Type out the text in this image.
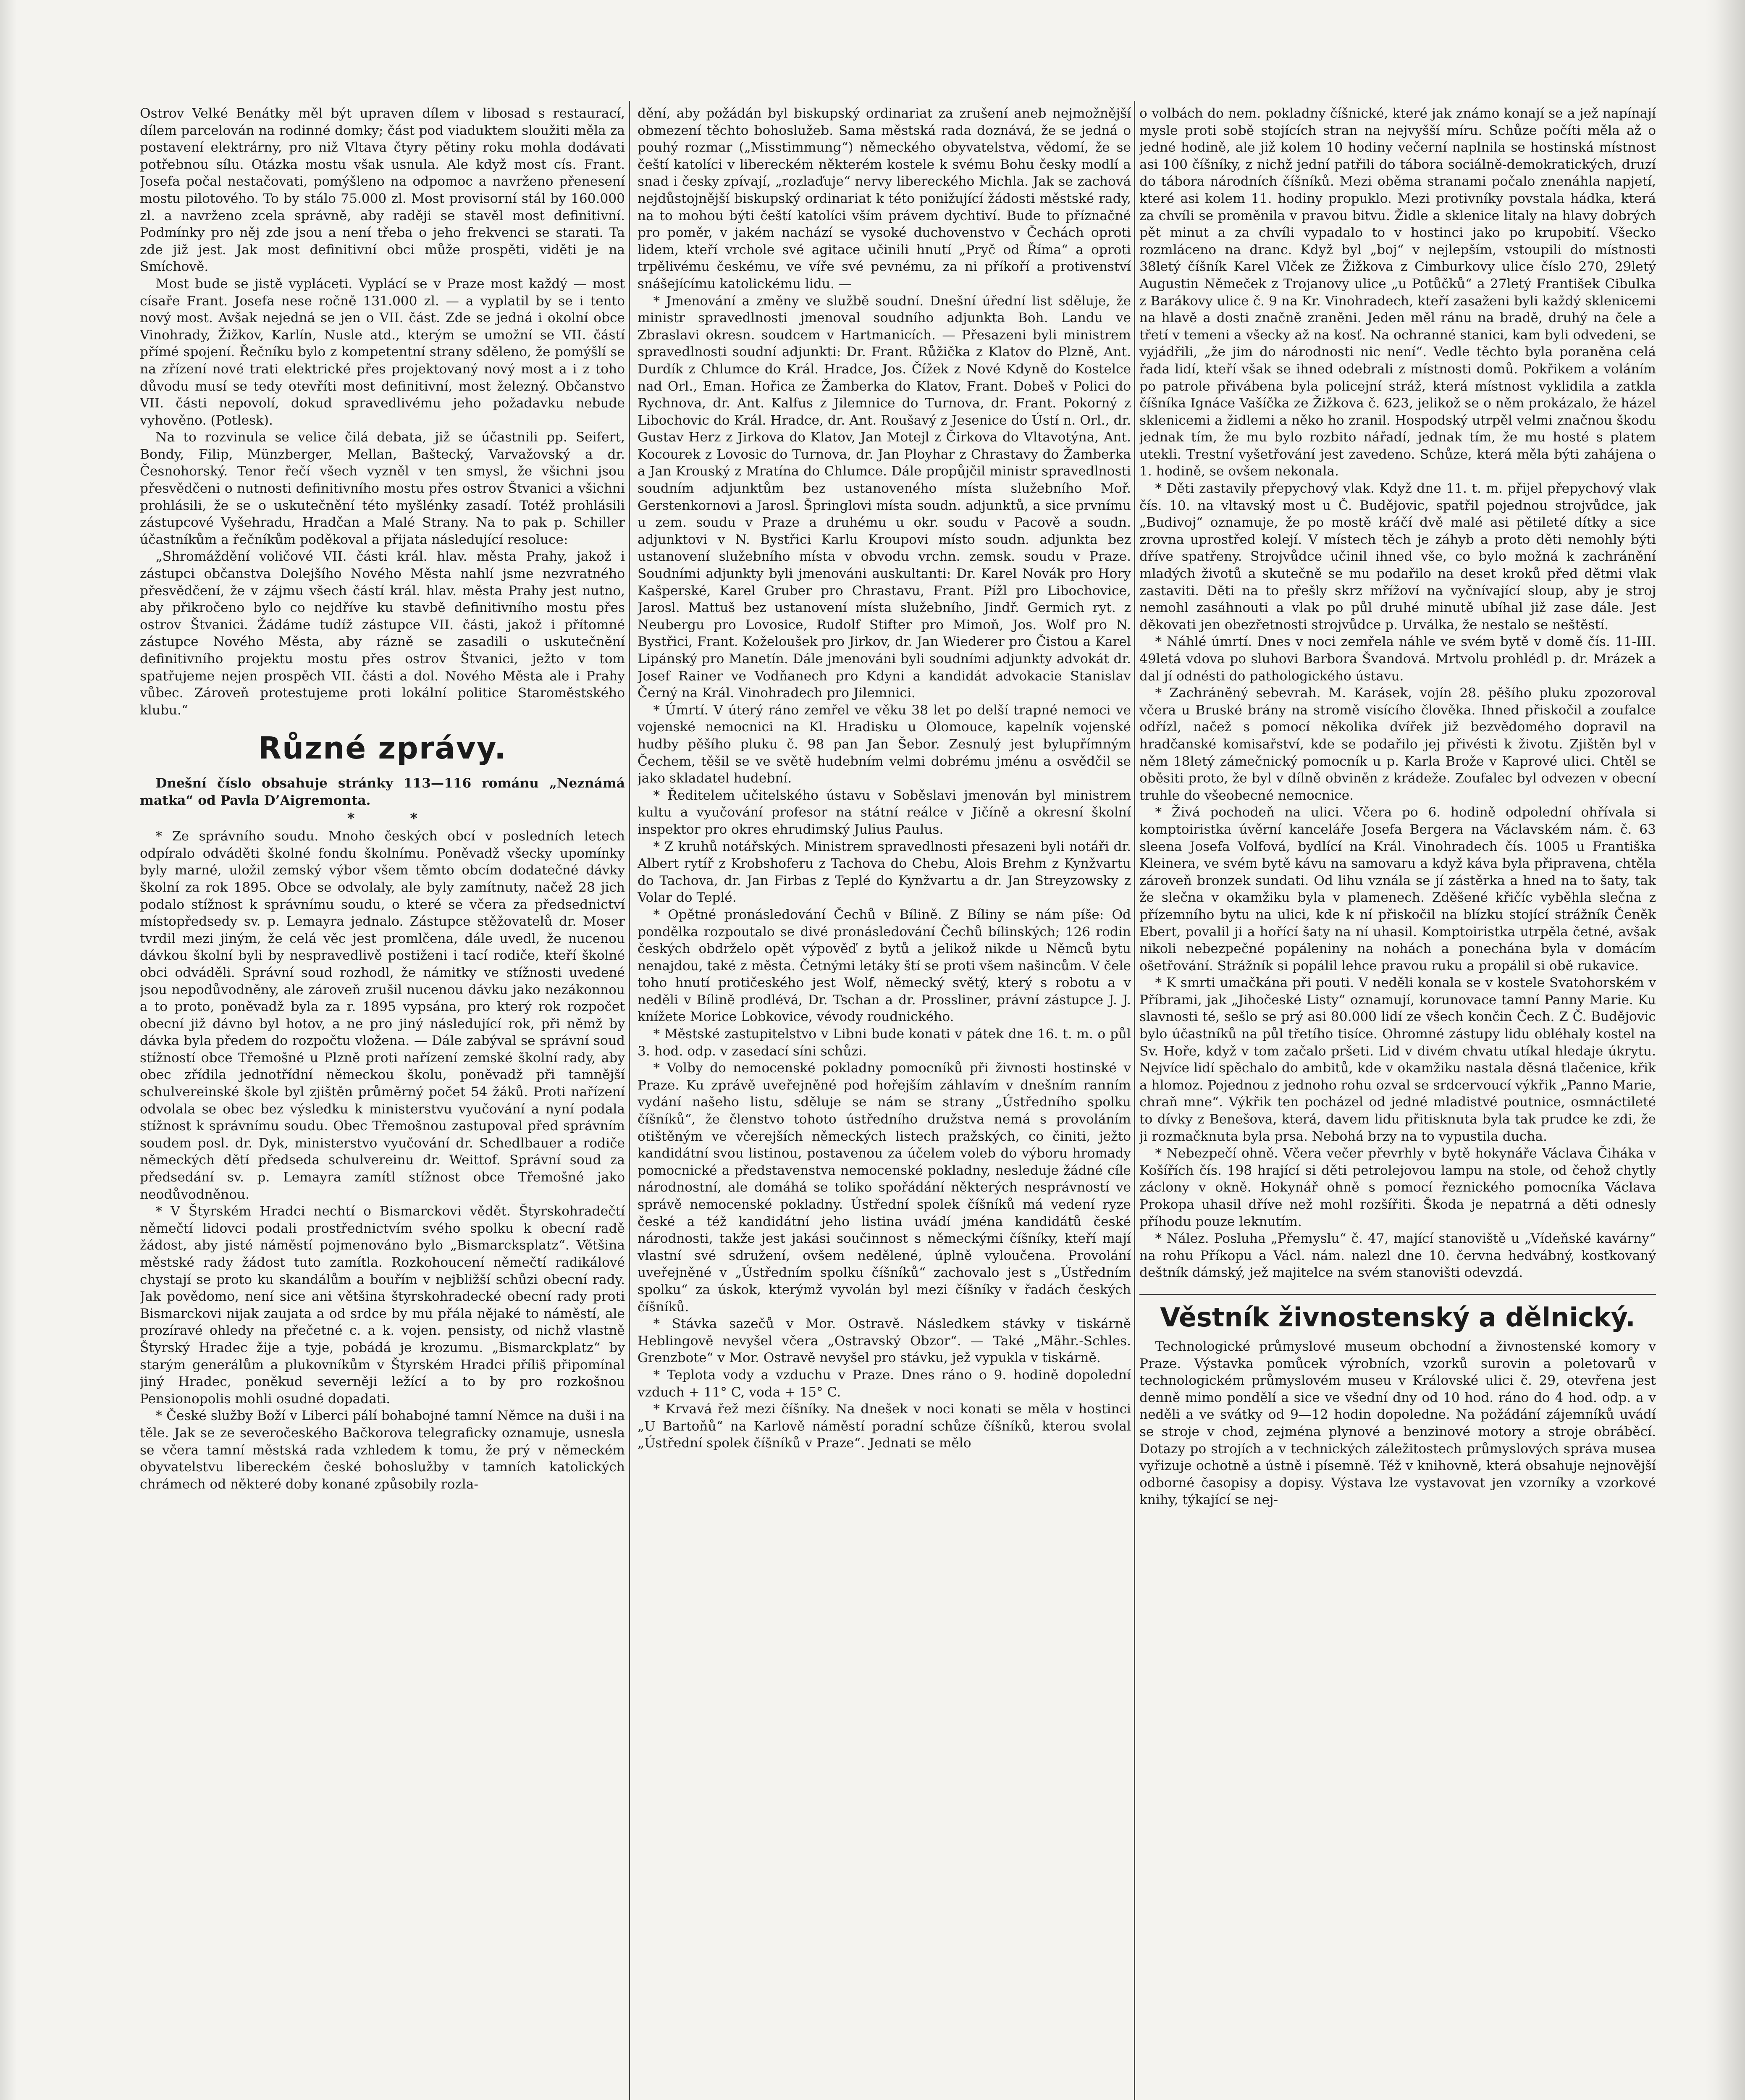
Ostrov Velké Benátky měl být upraven dílem v libosad s restaurací, dílem parcelován na rodinné domky; část pod viaduktem sloužiti měla za postavení elektrárny, pro niž Vltava čtyry pětiny roku mohla dodávati potřebnou sílu. Otázka mostu však usnula. Ale když most cís. Frant. Josefa počal nestačovati, pomýšleno na odpomoc a navrženo přenesení mostu pilotového. To by stálo 75.000 zl. Most provisorní stál by 160.000 zl. a navrženo zcela správně, aby raději se stavěl most definitivní. Podmínky pro něj zde jsou a není třeba o jeho frekvenci se starati. Ta zde již jest. Jak most definitivní obci může prospěti, viděti je na Smíchově.

Most bude se jistě vypláceti. Vyplácí se v Praze most každý — most císaře Frant. Josefa nese ročně 131.000 zl. — a vyplatil by se i tento nový most. Avšak nejedná se jen o VII. část. Zde se jedná i okolní obce Vinohrady, Žižkov, Karlín, Nusle atd., kterým se umožní se VII. částí přímé spojení. Řečníku bylo z kompetentní strany sděleno, že pomýšlí se na zřízení nové trati elektrické přes projektovaný nový most a i z toho důvodu musí se tedy otevříti most definitivní, most železný. Občanstvo VII. části nepovolí, dokud spravedlivému jeho požadavku nebude vyhověno. (Potlesk).

Na to rozvinula se velice čilá debata, již se účastnili pp. Seifert, Bondy, Filip, Münzberger, Mellan, Baštecký, Varvažovský a dr. Česnohorský. Tenor řečí všech vyzněl v ten smysl, že všichni jsou přesvědčeni o nutnosti definitivního mostu přes ostrov Štvanici a všichni prohlásili, že se o uskutečnění této myšlénky zasadí. Totéž prohlásili zástupcové Vyšehradu, Hradčan a Malé Strany. Na to pak p. Schiller účastníkům a řečníkům poděkoval a přijata následující resoluce:

„Shromáždění voličové VII. části král. hlav. města Prahy, jakož i zástupci občanstva Dolejšího Nového Města nahlí jsme nezvratného přesvědčení, že v zájmu všech částí král. hlav. města Prahy jest nutno, aby přikročeno bylo co nejdříve ku stavbě definitivního mostu přes ostrov Štvanici. Žádáme tudíž zástupce VII. části, jakož i přítomné zástupce Nového Města, aby rázně se zasadili o uskutečnění definitivního projektu mostu přes ostrov Štvanici, ježto v tom spatřujeme nejen prospěch VII. části a dol. Nového Města ale i Prahy vůbec. Zároveň protestujeme proti lokální politice Staroměstského klubu.“

Různé zprávy.

Dnešní číslo obsahuje stránky 113—116 románu „Neznámá matka“ od Pavla D’Aigremonta.

* *

* Ze správního soudu. Mnoho českých obcí v posledních letech odpíralo odváděti školné fondu školnímu. Poněvadž všecky upomínky byly marné, uložil zemský výbor všem těmto obcím dodatečné dávky školní za rok 1895. Obce se odvolaly, ale byly zamítnuty, načež 28 jich podalo stížnost k správnímu soudu, o které se včera za předsednictví místopředsedy sv. p. Lemayra jednalo. Zástupce stěžovatelů dr. Moser tvrdil mezi jiným, že celá věc jest promlčena, dále uvedl, že nucenou dávkou školní byli by nespravedlivě postiženi i tací rodiče, kteří školné obci odváděli. Správní soud rozhodl, že námitky ve stížnosti uvedené jsou nepodůvodněny, ale zároveň zrušil nucenou dávku jako nezákonnou a to proto, poněvadž byla za r. 1895 vypsána, pro který rok rozpočet obecní již dávno byl hotov, a ne pro jiný následující rok, při němž by dávka byla předem do rozpočtu vložena. — Dále zabýval se správní soud stížností obce Třemošné u Plzně proti nařízení zemské školní rady, aby obec zřídila jednotřídní německou školu, poněvadž při tamnější schulvereinské škole byl zjištěn průměrný počet 54 žáků. Proti nařízení odvolala se obec bez výsledku k ministerstvu vyučování a nyní podala stížnost k správnímu soudu. Obec Třemošnou zastupoval před správním soudem posl. dr. Dyk, ministerstvo vyučování dr. Schedlbauer a rodiče německých dětí předseda schulvereinu dr. Weittof. Správní soud za předsedání sv. p. Lemayra zamítl stížnost obce Třemošné jako neodůvodněnou.

* V Štyrském Hradci nechtí o Bismarckovi vědět. Štyrskohradečtí němečtí lidovci podali prostřednictvím svého spolku k obecní radě žádost, aby jisté náměstí pojmenováno bylo „Bismarcksplatz“. Většina městské rady žádost tuto zamítla. Rozkohoucení němečtí radikálové chystají se proto ku skandálům a bouřím v nejbližší schůzi obecní rady. Jak povědomo, není sice ani většina štyrskohradecké obecní rady proti Bismarckovi nijak zaujata a od srdce by mu přála nějaké to náměstí, ale prozíravé ohledy na přečetné c. a k. vojen. pensisty, od nichž vlastně Štyrský Hradec žije a tyje, pobádá je krozumu. „Bismarckplatz“ by starým generálům a plukovníkům v Štyrském Hradci příliš připomínal jiný Hradec, poněkud severněji ležící a to by pro rozkošnou Pensionopolis mohli osudné dopadati.

* České služby Boží v Liberci pálí bohabojné tamní Němce na duši i na těle. Jak se ze severočeského Bačkorova telegraficky oznamuje, usnesla se včera tamní městská rada vzhledem k tomu, že prý v německém obyvatelstvu libereckém české bohoslužby v tamních katolických chrámech od některé doby konané způsobily rozla-

dění, aby požádán byl biskupský ordinariat za zrušení aneb nejmožnější obmezení těchto bohoslužeb. Sama městská rada doznává, že se jedná o pouhý rozmar („Misstimmung“) německého obyvatelstva, vědomí, že se čeští katolíci v libereckém některém kostele k svému Bohu česky modlí a snad i česky zpívají, „rozlaďuje“ nervy libereckého Michla. Jak se zachová nejdůstojnější biskupský ordinariat k této ponižující žádosti městské rady, na to mohou býti čeští katolíci vším právem dychtiví. Bude to příznačné pro poměr, v jakém nachází se vysoké duchovenstvo v Čechách oproti lidem, kteří vrchole své agitace učinili hnutí „Pryč od Říma“ a oproti trpělivému českému, ve víře své pevnému, za ni příkoří a protivenství snášejícímu katolickému lidu. —

* Jmenování a změny ve službě soudní. Dnešní úřední list sděluje, že ministr spravedlnosti jmenoval soudního adjunkta Boh. Landu ve Zbraslavi okresn. soudcem v Hartmanicích. — Přesazeni byli ministrem spravedlnosti soudní adjunkti: Dr. Frant. Růžička z Klatov do Plzně, Ant. Durdík z Chlumce do Král. Hradce, Jos. Čížek z Nové Kdyně do Kostelce nad Orl., Eman. Hořica ze Žamberka do Klatov, Frant. Dobeš v Polici do Rychnova, dr. Ant. Kalfus z Jilemnice do Turnova, dr. Frant. Pokorný z Libochovic do Král. Hradce, dr. Ant. Roušavý z Jesenice do Ústí n. Orl., dr. Gustav Herz z Jirkova do Klatov, Jan Motejl z Čirkova do Vltavotýna, Ant. Kocourek z Lovosic do Turnova, dr. Jan Ployhar z Chrastavy do Žamberka a Jan Krouský z Mratína do Chlumce. Dále propůjčil ministr spravedlnosti soudním adjunktům bez ustanoveného místa služebního Moř. Gerstenkornovi a Jarosl. Špringlovi místa soudn. adjunktů, a sice prvnímu u zem. soudu v Praze a druhému u okr. soudu v Pacově a soudn. adjunktovi v N. Bystřici Karlu Kroupovi místo soudn. adjunkta bez ustanovení služebního místa v obvodu vrchn. zemsk. soudu v Praze. Soudními adjunkty byli jmenováni auskultanti: Dr. Karel Novák pro Hory Kašperské, Karel Gruber pro Chrastavu, Frant. Pížl pro Libochovice, Jarosl. Mattuš bez ustanovení místa služebního, Jindř. Germich ryt. z Neubergu pro Lovosice, Rudolf Stifter pro Mimoň, Jos. Wolf pro N. Bystřici, Frant. Koželoušek pro Jirkov, dr. Jan Wiederer pro Čistou a Karel Lipánský pro Manetín. Dále jmenováni byli soudními adjunkty advokát dr. Josef Rainer ve Vodňanech pro Kdyni a kandidát advokacie Stanislav Černý na Král. Vinohradech pro Jilemnici.

* Úmrtí. V úterý ráno zemřel ve věku 38 let po delší trapné nemoci ve vojenské nemocnici na Kl. Hradisku u Olomouce, kapelník vojenské hudby pěšího pluku č. 98 pan Jan Šebor. Zesnulý jest bylupřímným Čechem, těšil se ve světě hudebním velmi dobrému jménu a osvědčil se jako skladatel hudební.

* Ředitelem učitelského ústavu v Soběslavi jmenován byl ministrem kultu a vyučování profesor na státní reálce v Jičíně a okresní školní inspektor pro okres ehrudimský Julius Paulus.

* Z kruhů notářských. Ministrem spravedlnosti přesazeni byli notáři dr. Albert rytíř z Krobshoferu z Tachova do Chebu, Alois Brehm z Kynžvartu do Tachova, dr. Jan Firbas z Teplé do Kynžvartu a dr. Jan Streyzowsky z Volar do Teplé.

* Opětné pronásledování Čechů v Bílině. Z Bíliny se nám píše: Od pondělka rozpoutalo se divé pronásledování Čechů bílinských; 126 rodin českých obdrželo opět výpověď z bytů a jelikož nikde u Němců bytu nenajdou, také z města. Četnými letáky ští se proti všem našincům. V čele toho hnutí protičeského jest Wolf, německý světý, který s robotu a v neděli v Bílině prodlévá, Dr. Tschan a dr. Prossliner, právní zástupce J. J. knížete Morice Lobkovice, vévody roudnického.

* Městské zastupitelstvo v Libni bude konati v pátek dne 16. t. m. o půl 3. hod. odp. v zasedací síni schůzi.

* Volby do nemocenské pokladny pomocníků při živnosti hostinské v Praze. Ku zprávě uveřejněné pod hořejším záhlavím v dnešním ranním vydání našeho listu, sděluje se nám se strany „Ústředního spolku číšníků“, že členstvo tohoto ústředního družstva nemá s provoláním otištěným ve včerejších německých listech pražských, co činiti, ježto kandidátní svou listinou, postavenou za účelem voleb do výboru hromady pomocnické a představenstva nemocenské pokladny, nesleduje žádné cíle národnostní, ale domáhá se toliko spořádání některých nesprávností ve správě nemocenské pokladny. Ústřední spolek číšníků má vedení ryze české a též kandidátní jeho listina uvádí jména kandidátů české národnosti, takže jest jakási součinnost s německými číšníky, kteří mají vlastní své sdružení, ovšem nedělené, úplně vyloučena. Provolání uveřejněné v „Ústředním spolku číšníků“ zachovalo jest s „Ústředním spolku“ za úskok, kterýmž vyvolán byl mezi číšníky v řadách českých číšníků.

* Stávka sazečů v Mor. Ostravě. Následkem stávky v tiskárně Heblingově nevyšel včera „Ostravský Obzor“. — Také „Mähr.-Schles. Grenzbote“ v Mor. Ostravě nevyšel pro stávku, jež vypukla v tiskárně.

* Teplota vody a vzduchu v Praze. Dnes ráno o 9. hodině dopolední vzduch + 11° C, voda + 15° C.

* Krvavá řež mezi číšníky. Na dnešek v noci konati se měla v hostinci „U Bartoňů“ na Karlově náměstí poradní schůze číšníků, kterou svolal „Ústřední spolek číšníků v Praze“. Jednati se mělo

o volbách do nem. pokladny číšnické, které jak známo konají se a jež napínají mysle proti sobě stojících stran na nejvyšší míru. Schůze počíti měla až o jedné hodině, ale již kolem 10 hodiny večerní naplnila se hostinská místnost asi 100 číšníky, z nichž jední patřili do tábora sociálně-demokratických, druzí do tábora národních číšníků. Mezi oběma stranami počalo znenáhla napjetí, které asi kolem 11. hodiny propuklo. Mezi protivníky povstala hádka, která za chvíli se proměnila v pravou bitvu. Židle a sklenice litaly na hlavy dobrých pět minut a za chvíli vypadalo to v hostinci jako po krupobití. Všecko rozmláceno na dranc. Když byl „boj“ v nejlepším, vstoupili do místnosti 38letý číšník Karel Vlček ze Žižkova z Cimburkovy ulice číslo 270, 29letý Augustin Němeček z Trojanovy ulice „u Potůčků“ a 27letý František Cibulka z Barákovy ulice č. 9 na Kr. Vinohradech, kteří zasaženi byli každý sklenicemi na hlavě a dosti značně zraněni. Jeden měl ránu na bradě, druhý na čele a třetí v temeni a všecky až na kosť. Na ochranné stanici, kam byli odvedeni, se vyjádřili, „že jim do národnosti nic není“. Vedle těchto byla poraněna celá řada lidí, kteří však se ihned odebrali z místnosti domů. Pokřikem a voláním po patrole přivábena byla policejní stráž, která místnost vyklidila a zatkla číšníka Ignáce Vašíčka ze Žižkova č. 623, jelikož se o něm prokázalo, že házel sklenicemi a židlemi a něko ho zranil. Hospodský utrpěl velmi značnou škodu jednak tím, že mu bylo rozbito nářadí, jednak tím, že mu hosté s platem utekli. Trestní vyšetřování jest zavedeno. Schůze, která měla býti zahájena o 1. hodině, se ovšem nekonala.

* Děti zastavily přepychový vlak. Když dne 11. t. m. přijel přepychový vlak čís. 10. na vltavský most u Č. Budějovic, spatřil pojednou strojvůdce, jak „Budivoj“ oznamuje, že po mostě kráčí dvě malé asi pětileté dítky a sice zrovna uprostřed kolejí. V místech těch je záhyb a proto děti nemohly býti dříve spatřeny. Strojvůdce učinil ihned vše, co bylo možná k zachránění mladých životů a skutečně se mu podařilo na deset kroků před dětmi vlak zastaviti. Děti na to přešly skrz mřížoví na vyčnívající sloup, aby je stroj nemohl zasáhnouti a vlak po půl druhé minutě ubíhal již zase dále. Jest děkovati jen obezřetnosti strojvůdce p. Urválka, že nestalo se neštěstí.

* Náhlé úmrtí. Dnes v noci zemřela náhle ve svém bytě v domě čís. 11-III. 49letá vdova po sluhovi Barbora Švandová. Mrtvolu prohlédl p. dr. Mrázek a dal jí odnésti do pathologického ústavu.

* Zachráněný sebevrah. M. Karásek, vojín 28. pěšího pluku zpozoroval včera u Bruské brány na stromě visícího člověka. Ihned přiskočil a zoufalce odřízl, načež s pomocí několika dvířek již bezvědomého dopravil na hradčanské komisařství, kde se podařilo jej přivésti k životu. Zjištěn byl v něm 18letý zámečnický pomocník u p. Karla Brože v Kaprové ulici. Chtěl se oběsiti proto, že byl v dílně obviněn z krádeže. Zoufalec byl odvezen v obecní truhle do všeobecné nemocnice.

* Živá pochodeň na ulici. Včera po 6. hodině odpolední ohřívala si komptoiristka úvěrní kanceláře Josefa Bergera na Václavském nám. č. 63 sleena Josefa Volfová, bydlící na Král. Vinohradech čís. 1005 u Františka Kleinera, ve svém bytě kávu na samovaru a když káva byla připravena, chtěla zároveň bronzek sundati. Od lihu vznála se jí zástěrka a hned na to šaty, tak že slečna v okamžiku byla v plamenech. Zděšené křičíc vyběhla slečna z přízemního bytu na ulici, kde k ní přiskočil na blízku stojící strážník Čeněk Ebert, povalil ji a hořící šaty na ní uhasil. Komptoiristka utrpěla četné, avšak nikoli nebezpečné popáleniny na nohách a ponechána byla v domácím ošetřování. Strážník si popálil lehce pravou ruku a propálil si obě rukavice.

* K smrti umačkána při pouti. V neděli konala se v kostele Svatohorském v Příbrami, jak „Jihočeské Listy“ oznamují, korunovace tamní Panny Marie. Ku slavnosti té, sešlo se prý asi 80.000 lidí ze všech končin Čech. Z Č. Budějovic bylo účastníků na půl třetího tisíce. Ohromné zástupy lidu obléhaly kostel na Sv. Hoře, když v tom začalo pršeti. Lid v divém chvatu utíkal hledaje úkrytu. Nejvíce lidí spěchalo do ambitů, kde v okamžiku nastala děsná tlačenice, křik a hlomoz. Pojednou z jednoho rohu ozval se srdcervoucí výkřik „Panno Marie, chraň mne“. Výkřik ten pocházel od jedné mladistvé poutnice, osmnáctileté to dívky z Benešova, která, davem lidu přitisknuta byla tak prudce ke zdi, že ji rozmačknuta byla prsa. Nebohá brzy na to vypustila ducha.

* Nebezpečí ohně. Včera večer převrhly v bytě hokynáře Václava Čiháka v Košířích čís. 198 hrající si děti petrolejovou lampu na stole, od čehož chytly záclony v okně. Hokynář ohně s pomocí řeznického pomocníka Václava Prokopa uhasil dříve než mohl rozšířiti. Škoda je nepatrná a děti odnesly příhodu pouze leknutím.

* Nález. Posluha „Přemyslu“ č. 47, mající stanoviště u „Vídeňské kavárny“ na rohu Příkopu a Václ. nám. nalezl dne 10. června hedvábný, kostkovaný deštník dámský, jež majitelce na svém stanovišti odevzdá.

Věstník živnostenský a dělnický.

Technologické průmyslové museum obchodní a živnostenské komory v Praze. Výstavka pomůcek výrobních, vzorků surovin a poletovarů v technologickém průmyslovém museu v Královské ulici č. 29, otevřena jest denně mimo pondělí a sice ve všední dny od 10 hod. ráno do 4 hod. odp. a v neděli a ve svátky od 9—12 hodin dopoledne. Na požádání zájemníků uvádí se stroje v chod, zejména plynové a benzinové motory a stroje obráběcí. Dotazy po strojích a v technických záležitostech průmyslových správa musea vyřizuje ochotně a ústně i písemně. Též v knihovně, která obsahuje nejnovější odborné časopisy a dopisy. Výstava lze vystavovat jen vzorníky a vzorkové knihy, týkající se nej-
